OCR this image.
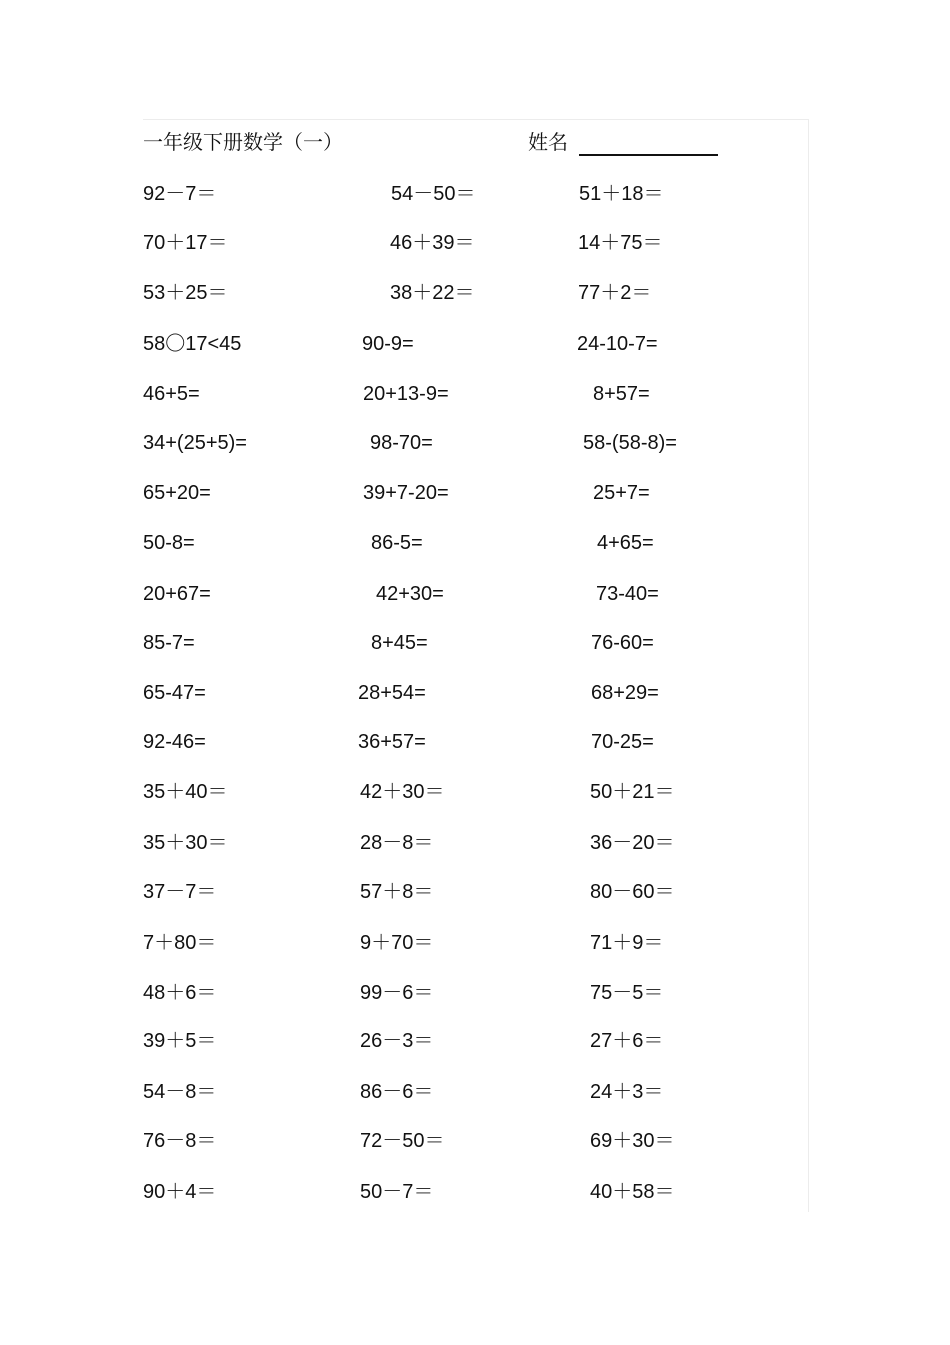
一年级下册数学（一）	姓名
92－7＝	54－50＝	51＋18＝
70＋17＝	46＋39＝	14＋75＝
53＋25＝	38＋22＝	77＋2＝
58〇17<45	90-9=	24-10-7=
46+5=	20+13-9=	8+57=
34+(25+5)=	98-70=	58-(58-8)=
65+20=	39+7-20=	25+7=
50-8=	86-5=	4+65=
20+67=	42+30=	73-40=
85-7=	8+45=	76-60=
65-47=	28+54=	68+29=
92-46=	36+57=	70-25=
35＋40＝	42＋30＝	50＋21＝
35＋30＝	28－8＝	36－20＝
37－7＝	57＋8＝	80－60＝
7＋80＝	9＋70＝	71＋9＝
48＋6＝	99－6＝	75－5＝
39＋5＝	26－3＝	27＋6＝
54－8＝	86－6＝	24＋3＝
76－8＝	72－50＝	69＋30＝
90＋4＝	50－7＝	40＋58＝
